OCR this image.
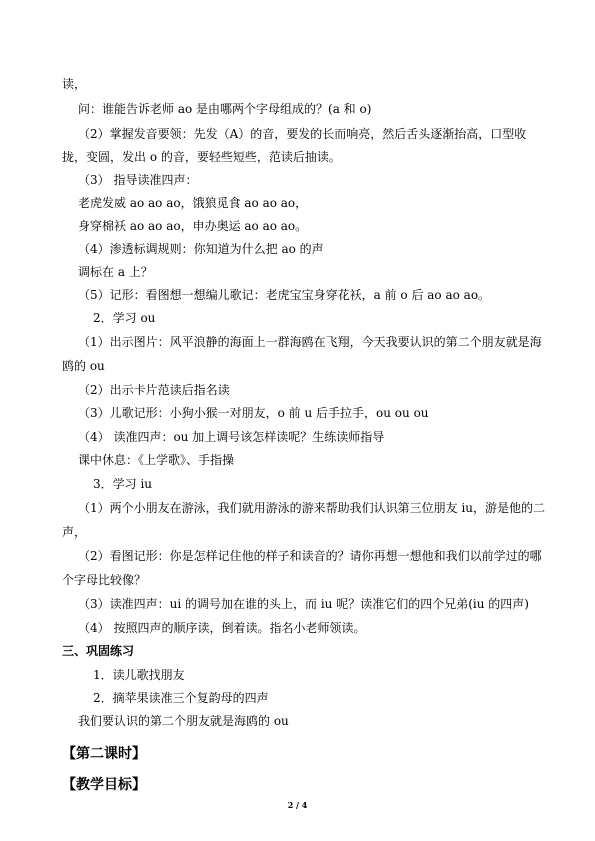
读，
问：谁能告诉老师 ao 是由哪两个字母组成的？(a 和 o)
（2）掌握发音要领：先发（A）的音，要发的长而响亮，然后舌头逐渐抬高，口型收
拢，变圆，发出 o 的音，要轻些短些，范读后抽读。
（3） 指导读准四声：
老虎发威 ao ao ao，饿狼觅食 ao ao ao，
身穿棉袄 ao ao ao，申办奥运 ao ao ao。
（4）渗透标调规则：你知道为什么把 ao 的声
调标在 a 上？
（5）记形：看图想一想编儿歌记：老虎宝宝身穿花袄，a 前 o 后 ao ao ao。
2．学习 ou
（1）出示图片：风平浪静的海面上一群海鸥在飞翔，今天我要认识的第二个朋友就是海
鸥的 ou
（2）出示卡片范读后指名读
（3）儿歌记形：小狗小猴一对朋友，o 前 u 后手拉手，ou ou ou
（4） 读准四声：ou 加上调号该怎样读呢？生练读师指导
课中休息：《上学歌》、手指操
3．学习 iu
（1）两个小朋友在游泳，我们就用游泳的游来帮助我们认识第三位朋友 iu，游是他的二
声，
（2）看图记形：你是怎样记住他的样子和读音的？请你再想一想他和我们以前学过的哪
个字母比较像？
（3）读准四声：ui 的调号加在谁的头上，而 iu 呢？读准它们的四个兄弟(iu 的四声)
（4） 按照四声的顺序读，倒着读。指名小老师领读。
三、巩固练习
1．读儿歌找朋友
2．摘苹果读准三个复韵母的四声
我们要认识的第二个朋友就是海鸥的 ou
【第二课时】
【教学目标】
2 / 4
